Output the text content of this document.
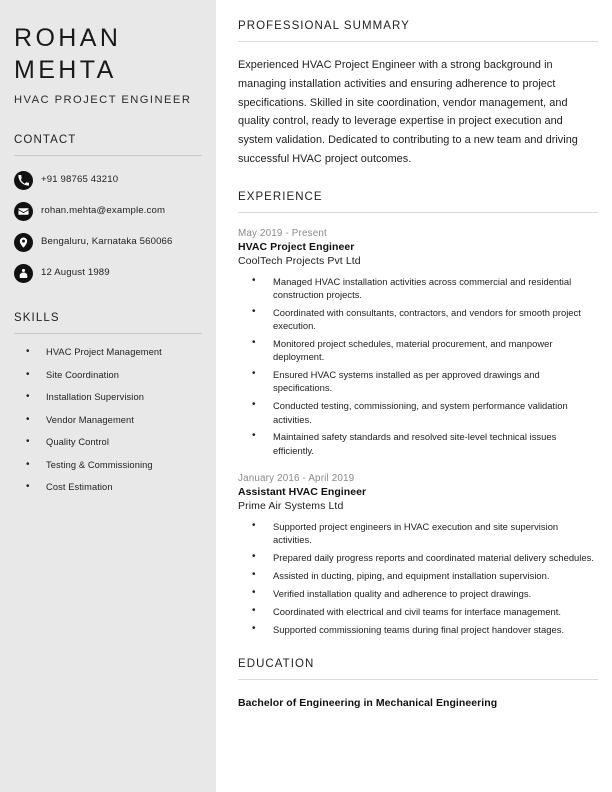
ROHAN
MEHTA
HVAC PROJECT ENGINEER
CONTACT
+91 98765 43210
rohan.mehta@example.com
Bengaluru, Karnataka 560066
12 August 1989
SKILLS
• HVAC Project Management
• Site Coordination
• Installation Supervision
• Vendor Management
• Quality Control
• Testing & Commissioning
• Cost Estimation
PROFESSIONAL SUMMARY

Experienced HVAC Project Engineer with a strong background in managing installation activities and ensuring adherence to project specifications. Skilled in site coordination, vendor management, and quality control, ready to leverage expertise in project execution and system validation. Dedicated to contributing to a new team and driving successful HVAC project outcomes.

EXPERIENCE
May 2019 - Present
HVAC Project Engineer
CoolTech Projects Pvt Ltd
• Managed HVAC installation activities across commercial and residential construction projects.
• Coordinated with consultants, contractors, and vendors for smooth project execution.
• Monitored project schedules, material procurement, and manpower deployment.
• Ensured HVAC systems installed as per approved drawings and specifications.
• Conducted testing, commissioning, and system performance validation activities.
• Maintained safety standards and resolved site-level technical issues efficiently.
January 2016 - April 2019
Assistant HVAC Engineer
Prime Air Systems Ltd
• Supported project engineers in HVAC execution and site supervision activities.
• Prepared daily progress reports and coordinated material delivery schedules.
• Assisted in ducting, piping, and equipment installation supervision.
• Verified installation quality and adherence to project drawings.
• Coordinated with electrical and civil teams for interface management.
• Supported commissioning teams during final project handover stages.
EDUCATION
Bachelor of Engineering in Mechanical Engineering
